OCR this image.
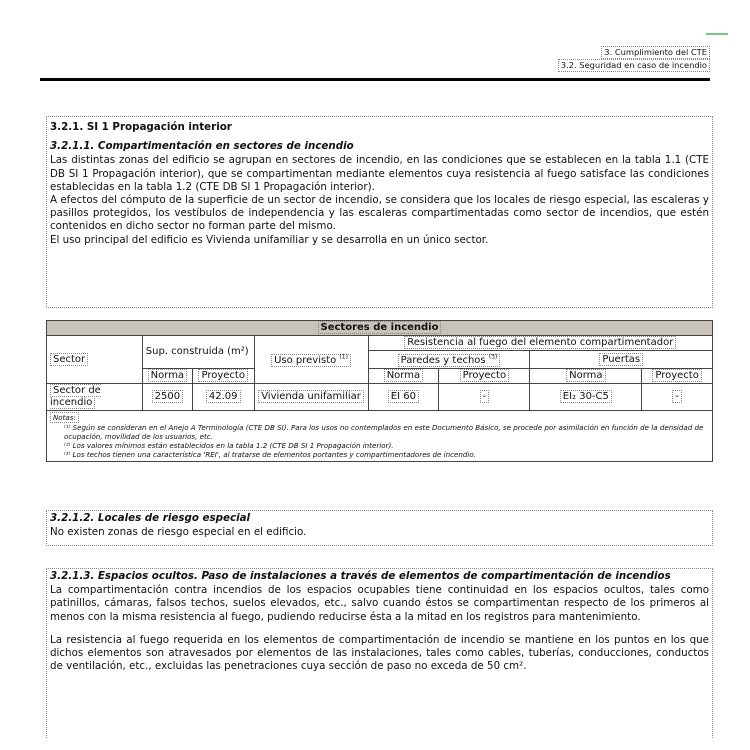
3. Cumplimiento del CTE
3.2. Seguridad en caso de incendio
3.2.1. SI 1 Propagación interior
3.2.1.1. Compartimentación en sectores de incendio

Las distintas zonas del edificio se agrupan en sectores de incendio, en las condiciones que se establecen en la tabla 1.1 (CTE DB SI 1 Propagación interior), que se compartimentan mediante elementos cuya resistencia al fuego satisface las condiciones establecidas en la tabla 1.2 (CTE DB SI 1 Propagación interior).

A efectos del cómputo de la superficie de un sector de incendio, se considera que los locales de riesgo especial, las escaleras y pasillos protegidos, los vestíbulos de independencia y las escaleras compartimentadas como sector de incendios, que estén contenidos en dicho sector no forman parte del mismo.

El uso principal del edificio es Vivienda unifamiliar y se desarrolla en un único sector.

Sectores de incendio							
Sector	Sup. construida (m²)		Uso previsto $^{(1)}$	Resistencia al fuego del elemento compartimentador			
				Paredes y techos $^{(3)}$		Puertas	
	Norma	Proyecto		Norma	Proyecto	Norma	Proyecto
Sector de incendio	2500	42.09	Vivienda unifamiliar	EI 60	-	EI₂ 30-C5	-
Notas:
⁽¹⁾ Según se consideran en el Anejo A Terminología (CTE DB SI). Para los usos no contemplados en este Documento Básico, se procede por asimilación en función de la densidad de ocupación, movilidad de los usuarios, etc.
⁽²⁾ Los valores mínimos están establecidos en la tabla 1.2 (CTE DB SI 1 Propagación interior).
⁽³⁾ Los techos tienen una característica 'REI', al tratarse de elementos portantes y compartimentadores de incendio.
3.2.1.2. Locales de riesgo especial

No existen zonas de riesgo especial en el edificio.

3.2.1.3. Espacios ocultos. Paso de instalaciones a través de elementos de compartimentación de incendios

La compartimentación contra incendios de los espacios ocupables tiene continuidad en los espacios ocultos, tales como patinillos, cámaras, falsos techos, suelos elevados, etc., salvo cuando éstos se compartimentan respecto de los primeros al menos con la misma resistencia al fuego, pudiendo reducirse ésta a la mitad en los registros para mantenimiento.

La resistencia al fuego requerida en los elementos de compartimentación de incendio se mantiene en los puntos en los que dichos elementos son atravesados por elementos de las instalaciones, tales como cables, tuberías, conducciones, conductos de ventilación, etc., excluidas las penetraciones cuya sección de paso no exceda de 50 cm².
